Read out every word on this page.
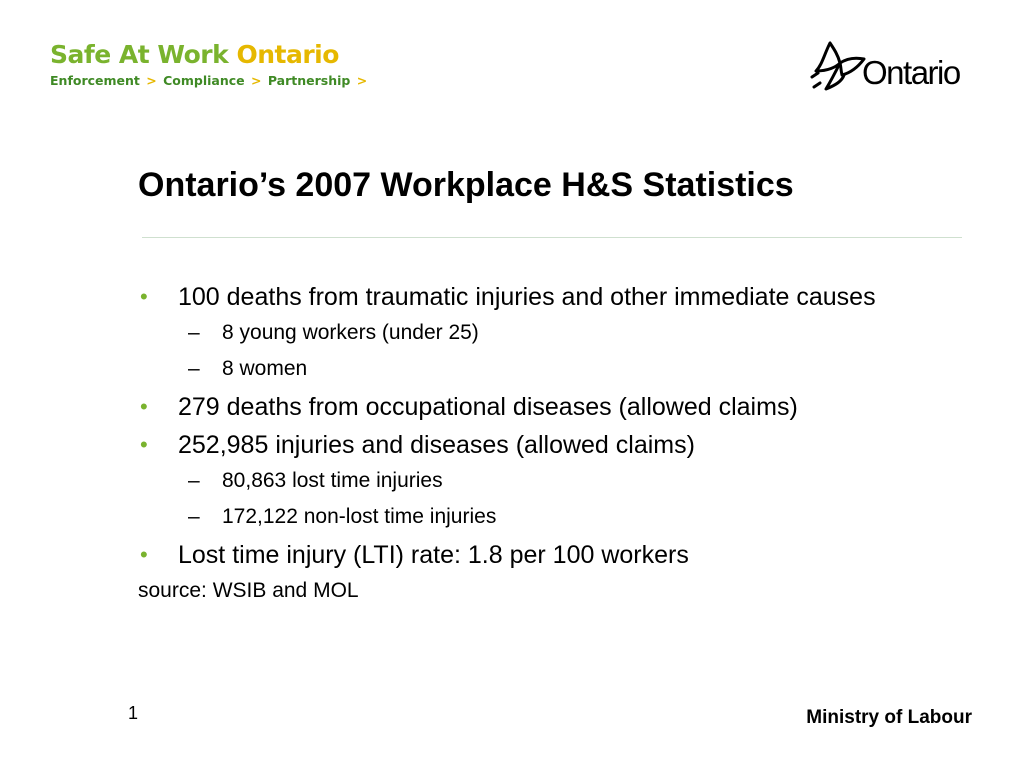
Safe At Work Ontario
Enforcement > Compliance > Partnership >	Ontario
Ontario’s 2007 Workplace H&S Statistics
• 100 deaths from traumatic injuries and other immediate causes
– 8 young workers (under 25)
– 8 women
• 279 deaths from occupational diseases (allowed claims)
• 252,985 injuries and diseases (allowed claims)
– 80,863 lost time injuries
– 172,122 non-lost time injuries
• Lost time injury (LTI) rate: 1.8 per 100 workers
source: WSIB and MOL
1	Ministry of Labour
